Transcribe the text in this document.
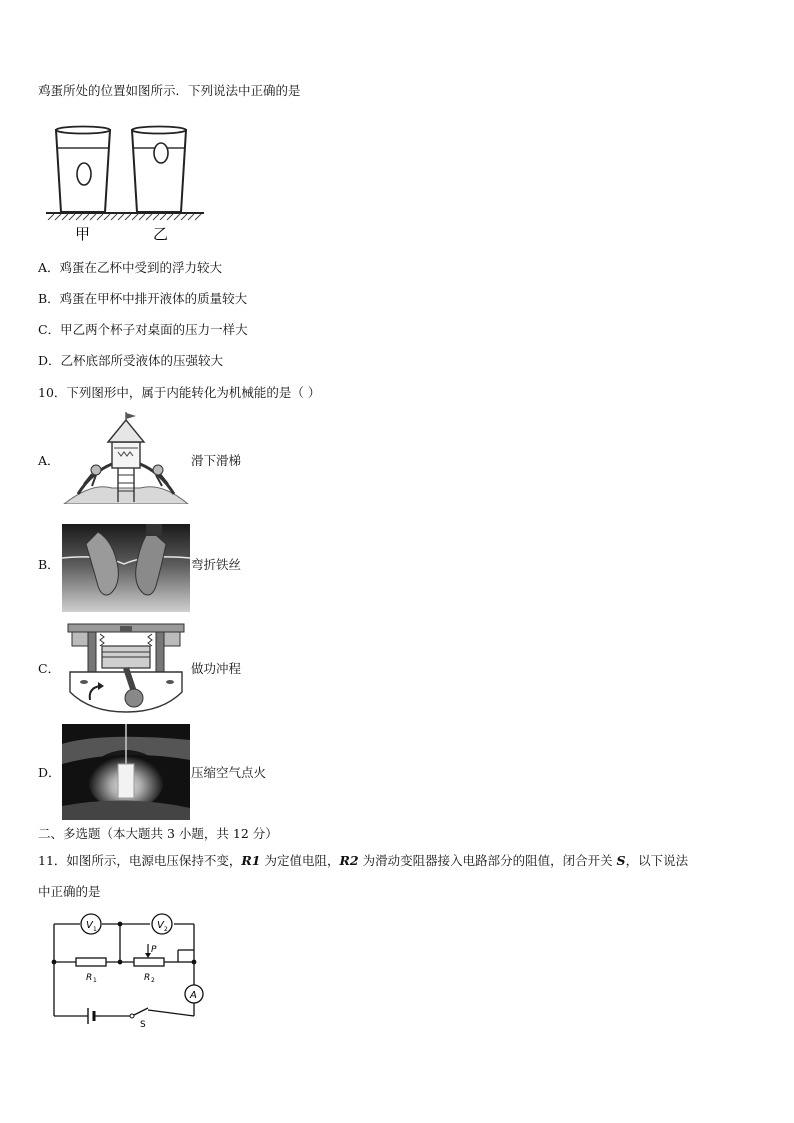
鸡蛋所处的位置如图所示．下列说法中正确的是
甲	乙
A．鸡蛋在乙杯中受到的浮力较大
B．鸡蛋在甲杯中排开液体的质量较大
C．甲乙两个杯子对桌面的压力一样大
D．乙杯底部所受液体的压强较大
10．下列图形中，属于内能转化为机械能的是（ ）
A．	滑下滑梯
B．	弯折铁丝
C．	做功冲程
D．	压缩空气点火
二、多选题（本大题共 3 小题，共 12 分）
11．如图所示，电源电压保持不变，R1 为定值电阻，R2 为滑动变阻器接入电路部分的阻值，闭合开关 S，以下说法
中正确的是
V 1	V 2
R 1
P
R 2
A
S
